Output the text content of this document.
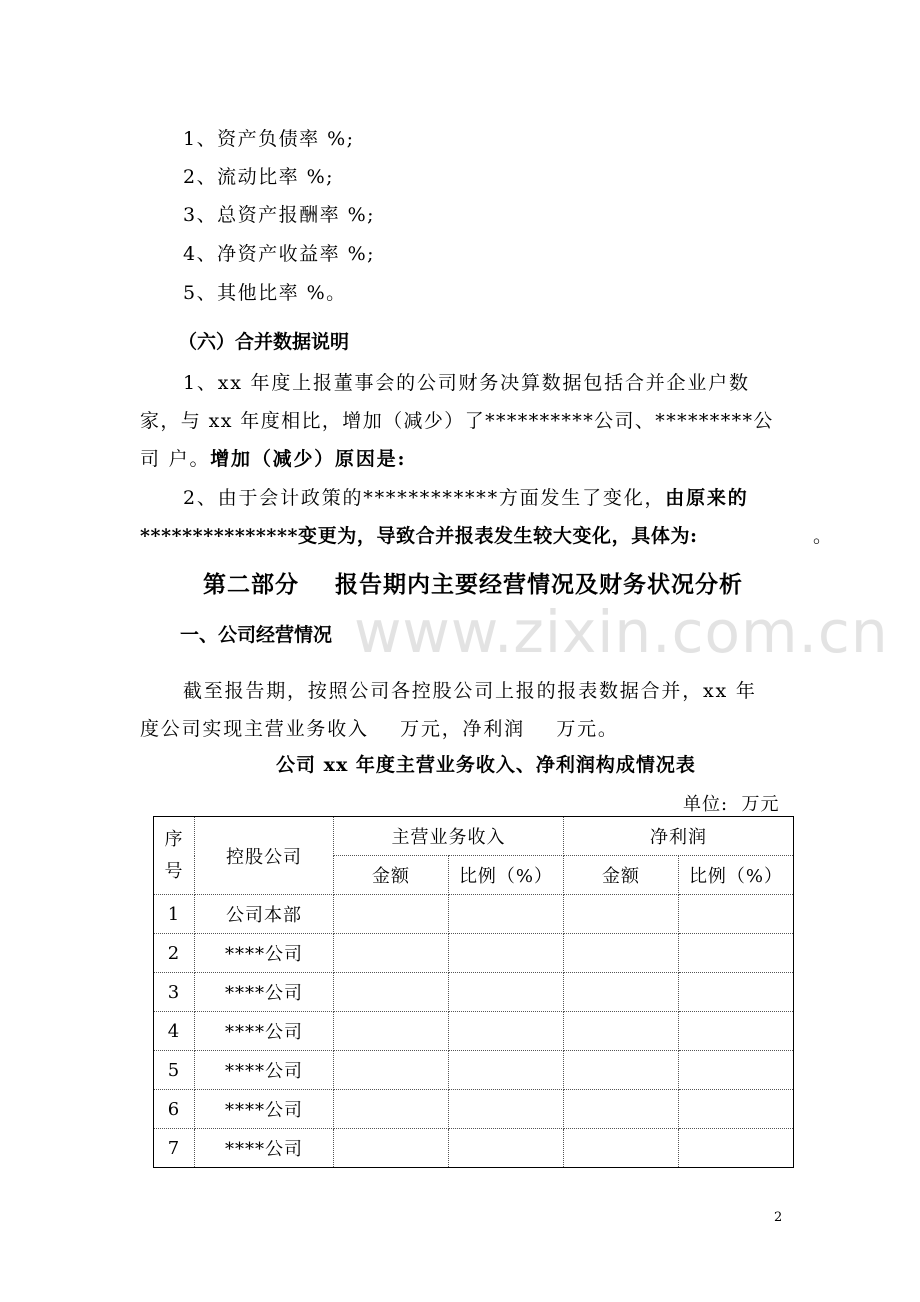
www.zixin.com.cn
1、资产负债率 %;
2、流动比率 %;
3、总资产报酬率 %;
4、净资产收益率 %;
5、其他比率 %。
（六）合并数据说明
1、xx 年度上报董事会的公司财务决算数据包括合并企业户数
家，与 xx 年度相比，增加（减少）了**********公司、*********公
司 户。增加（减少）原因是:
2、由于会计政策的************方面发生了变化，由原来的
***************变更为，导致合并报表发生较大变化，具体为:	。
第二部分    报告期内主要经营情况及财务状况分析
一、公司经营情况
截至报告期，按照公司各控股公司上报的报表数据合并，xx 年
度公司实现主营业务收入    万元，净利润    万元。
公司 xx 年度主营业务收入、净利润构成情况表
单位:  万元
序号	控股公司	主营业务收入		净利润	
		金额	比例（%）	金额	比例（%）
1	公司本部				
2	****公司				
3	****公司				
4	****公司				
5	****公司				
6	****公司				
7	****公司				
2
